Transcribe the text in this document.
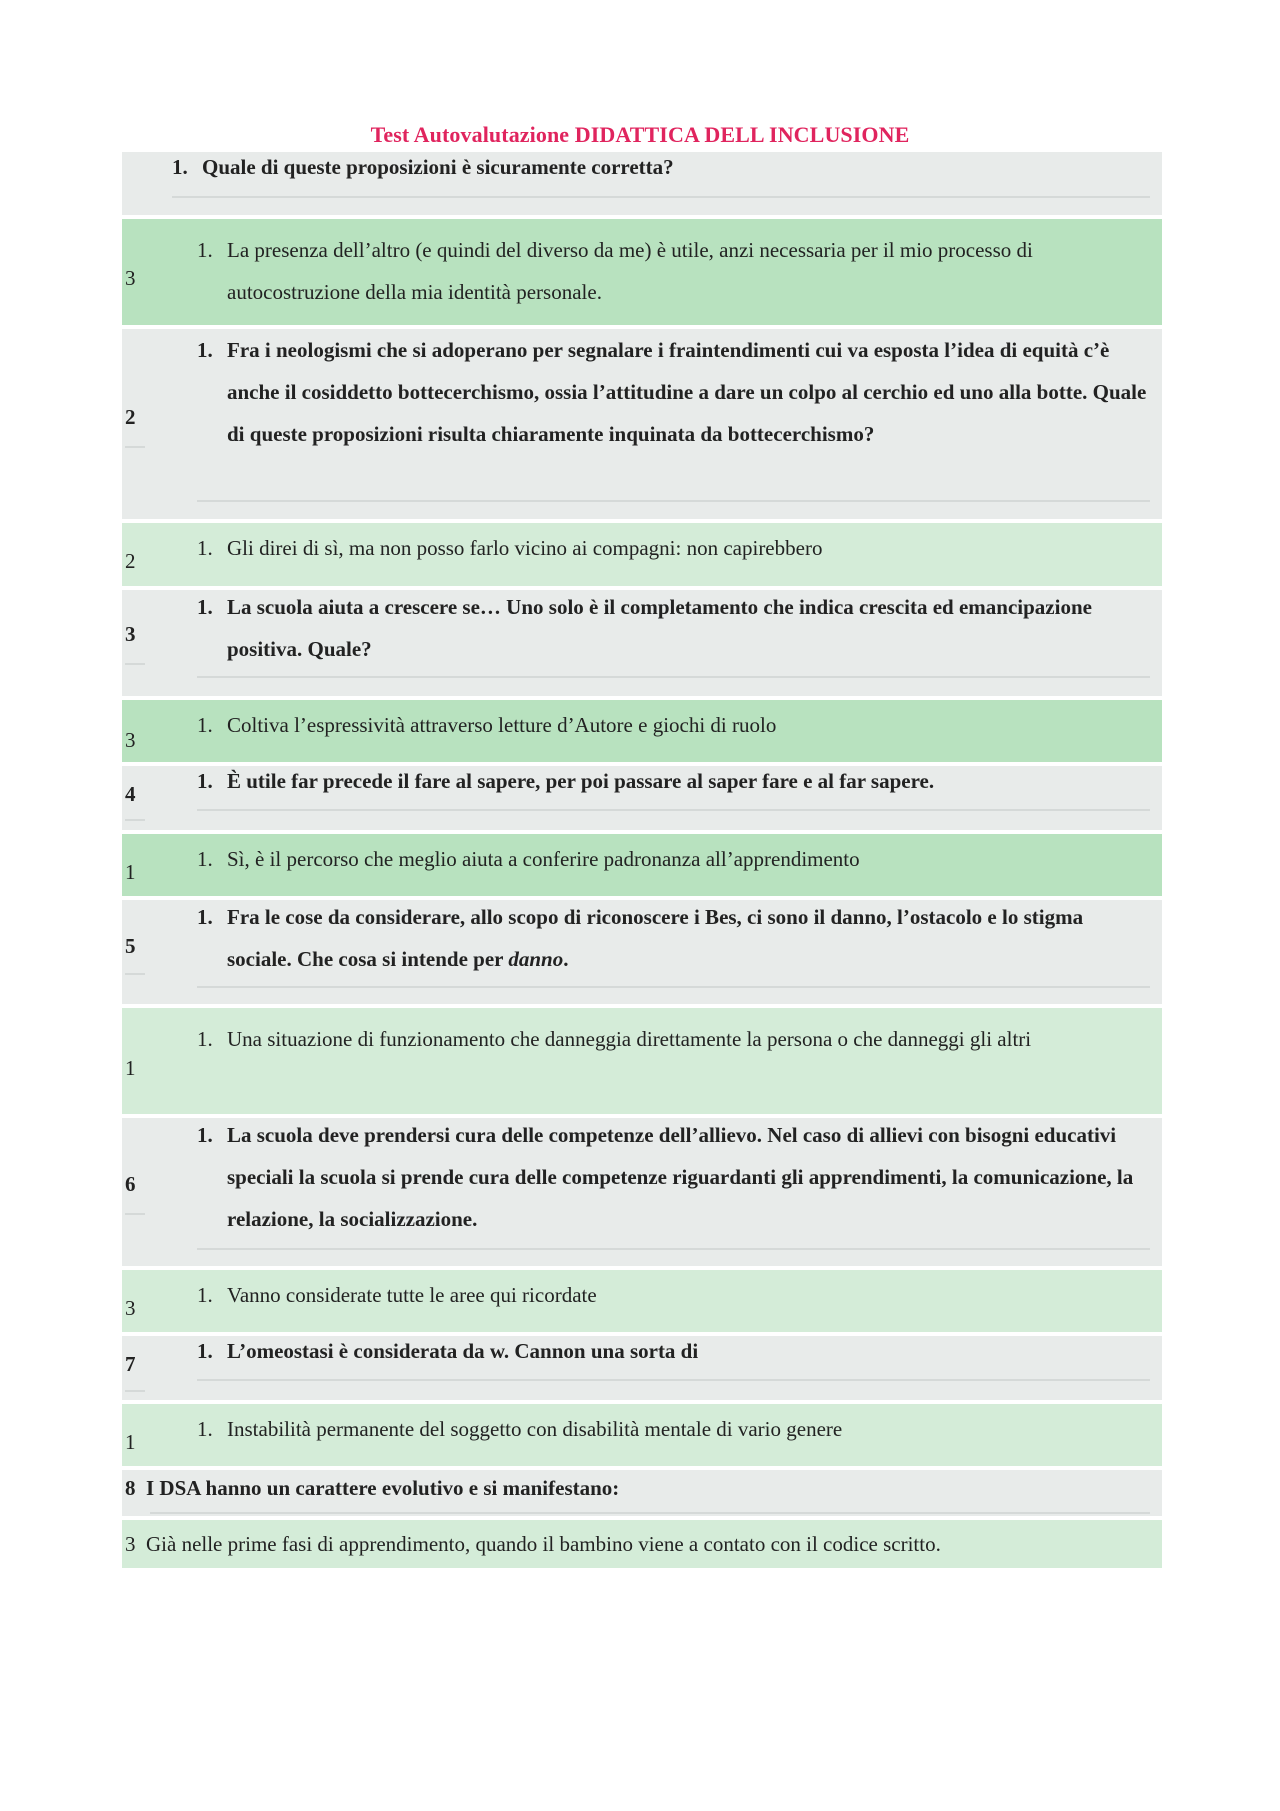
Test Autovalutazione DIDATTICA DELL INCLUSIONE
1. Quale di queste proposizioni è sicuramente corretta?
3
1. La presenza dell’altro (e quindi del diverso da me) è utile, anzi necessaria per il mio processo di autocostruzione della mia identità personale.
2
1. Fra i neologismi che si adoperano per segnalare i fraintendimenti cui va esposta l’idea di equità c’è anche il cosiddetto bottecerchismo, ossia l’attitudine a dare un colpo al cerchio ed uno alla botte. Quale di queste proposizioni risulta chiaramente inquinata da bottecerchismo?
2
1. Gli direi di sì, ma non posso farlo vicino ai compagni: non capirebbero
3
1. La scuola aiuta a crescere se… Uno solo è il completamento che indica crescita ed emancipazione positiva. Quale?
3
1. Coltiva l’espressività attraverso letture d’Autore e giochi di ruolo
4
1. È utile far precede il fare al sapere, per poi passare al saper fare e al far sapere.
1
1. Sì, è il percorso che meglio aiuta a conferire padronanza all’apprendimento
5
1. Fra le cose da considerare, allo scopo di riconoscere i Bes, ci sono il danno, l’ostacolo e lo stigma sociale. Che cosa si intende per danno.
1
1. Una situazione di funzionamento che danneggia direttamente la persona o che danneggi gli altri
6
1. La scuola deve prendersi cura delle competenze dell’allievo. Nel caso di allievi con bisogni educativi speciali la scuola si prende cura delle competenze riguardanti gli apprendimenti, la comunicazione, la relazione, la socializzazione.
3
1. Vanno considerate tutte le aree qui ricordate
7
1. L’omeostasi è considerata da w. Cannon una sorta di
1
1. Instabilità permanente del soggetto con disabilità mentale di vario genere
8 I DSA hanno un carattere evolutivo e si manifestano:
3 Già nelle prime fasi di apprendimento, quando il bambino viene a contato con il codice scritto.
